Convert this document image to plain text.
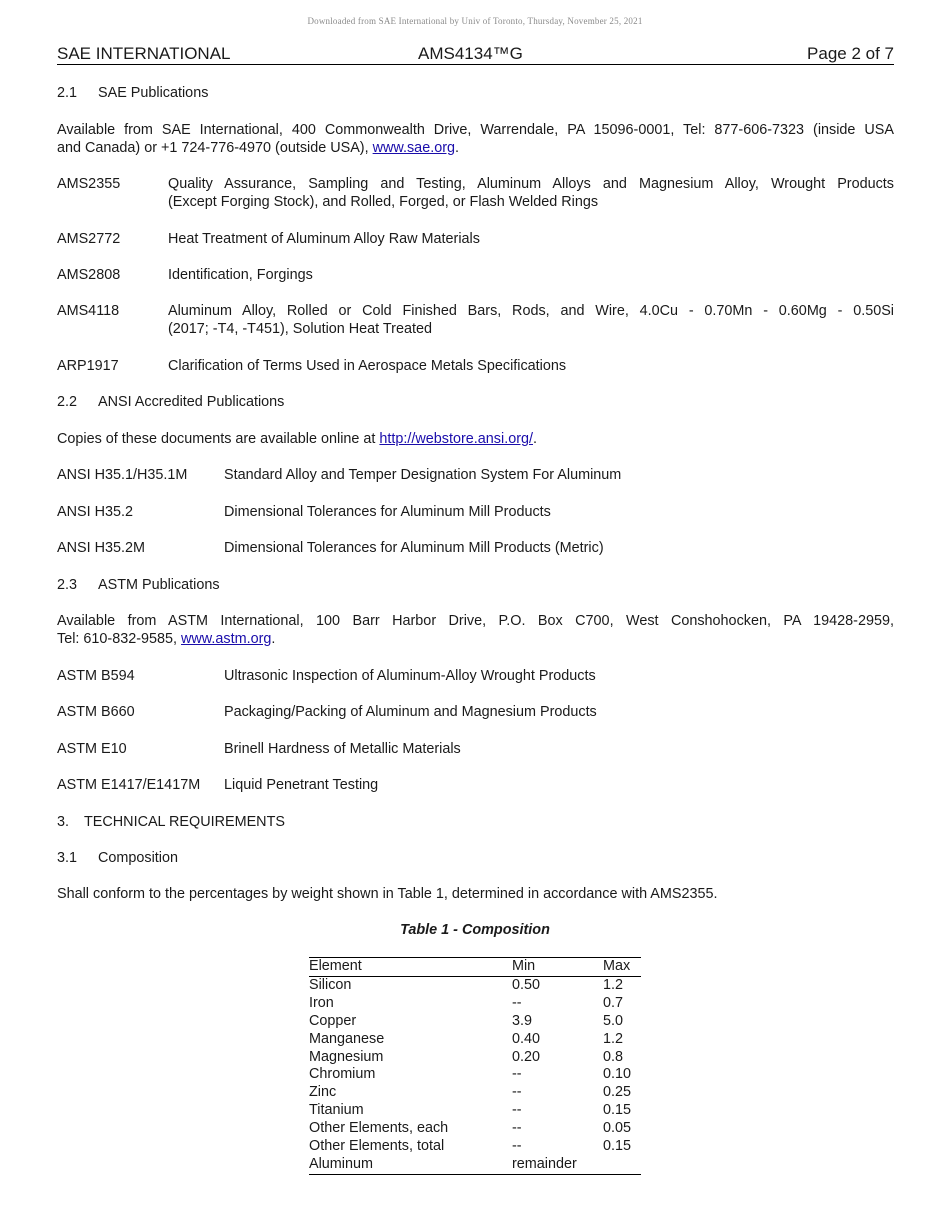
Downloaded from SAE International by Univ of Toronto, Thursday, November 25, 2021
SAE INTERNATIONAL	AMS4134™G	Page 2 of 7
2.1 SAE Publications
Available from SAE International, 400 Commonwealth Drive, Warrendale, PA 15096-0001, Tel: 877-606-7323 (inside USA
and Canada) or +1 724-776-4970 (outside USA), www.sae.org.
AMS2355	Quality Assurance, Sampling and Testing, Aluminum Alloys and Magnesium Alloy, Wrought Products
(Except Forging Stock), and Rolled, Forged, or Flash Welded Rings
AMS2772	Heat Treatment of Aluminum Alloy Raw Materials
AMS2808	Identification, Forgings
AMS4118	Aluminum Alloy, Rolled or Cold Finished Bars, Rods, and Wire, 4.0Cu - 0.70Mn - 0.60Mg - 0.50Si
(2017; -T4, -T451), Solution Heat Treated
ARP1917	Clarification of Terms Used in Aerospace Metals Specifications
2.2 ANSI Accredited Publications
Copies of these documents are available online at http://webstore.ansi.org/.
ANSI H35.1/H35.1M	Standard Alloy and Temper Designation System For Aluminum
ANSI H35.2	Dimensional Tolerances for Aluminum Mill Products
ANSI H35.2M	Dimensional Tolerances for Aluminum Mill Products (Metric)
2.3 ASTM Publications
Available from ASTM International, 100 Barr Harbor Drive, P.O. Box C700, West Conshohocken, PA 19428-2959,
Tel: 610-832-9585, www.astm.org.
ASTM B594	Ultrasonic Inspection of Aluminum-Alloy Wrought Products
ASTM B660	Packaging/Packing of Aluminum and Magnesium Products
ASTM E10	Brinell Hardness of Metallic Materials
ASTM E1417/E1417M Liquid Penetrant Testing
3. TECHNICAL REQUIREMENTS
3.1 Composition
Shall conform to the percentages by weight shown in Table 1, determined in accordance with AMS2355.
Table 1 - Composition
Element	Min	Max
Silicon	0.50	1.2
Iron	--	0.7
Copper	3.9	5.0
Manganese	0.40	1.2
Magnesium	0.20	0.8
Chromium	--	0.10
Zinc	--	0.25
Titanium	--	0.15
Other Elements, each	--	0.05
Other Elements, total	--	0.15
Aluminum	remainder	
